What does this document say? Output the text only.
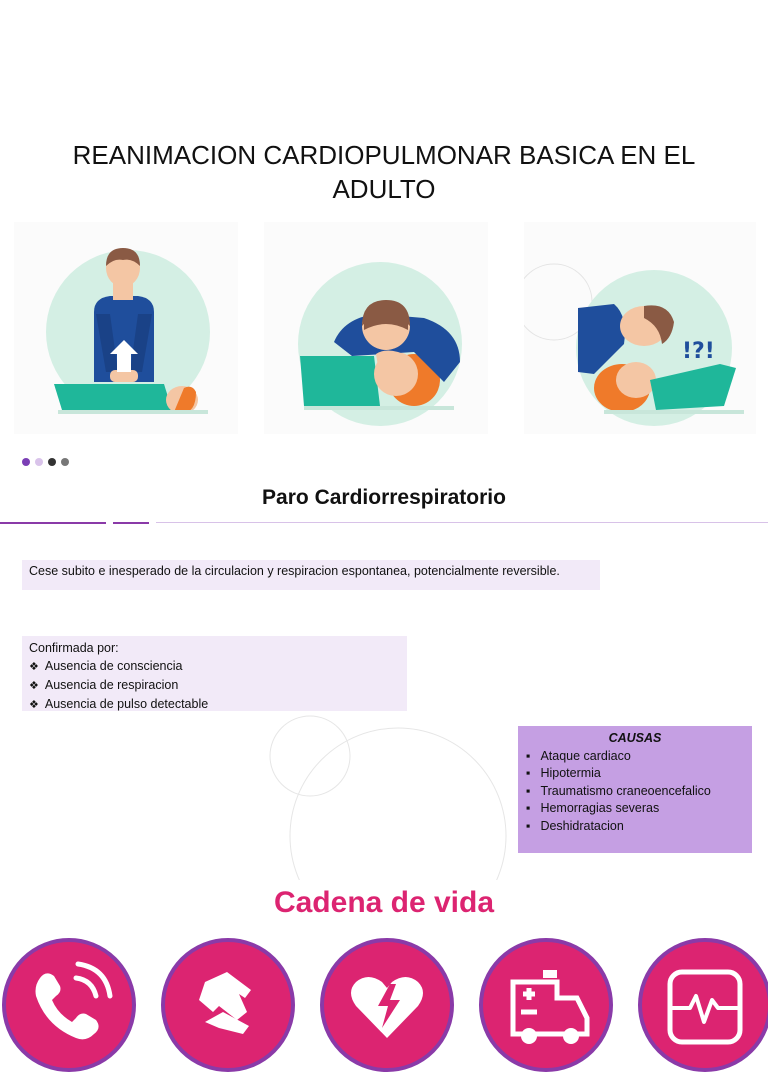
REANIMACION CARDIOPULMONAR BASICA EN EL
ADULTO
!?!
Paro Cardiorrespiratorio
Cese subito e inesperado de la circulacion y respiracion espontanea, potencialmente reversible.
Confirmada por:
❖ Ausencia de consciencia
❖ Ausencia de respiracion
❖ Ausencia de pulso detectable
CAUSAS
▪ Ataque cardiaco
▪ Hipotermia
▪ Traumatismo craneoencefalico
▪ Hemorragias severas
▪ Deshidratacion
Cadena de vida
